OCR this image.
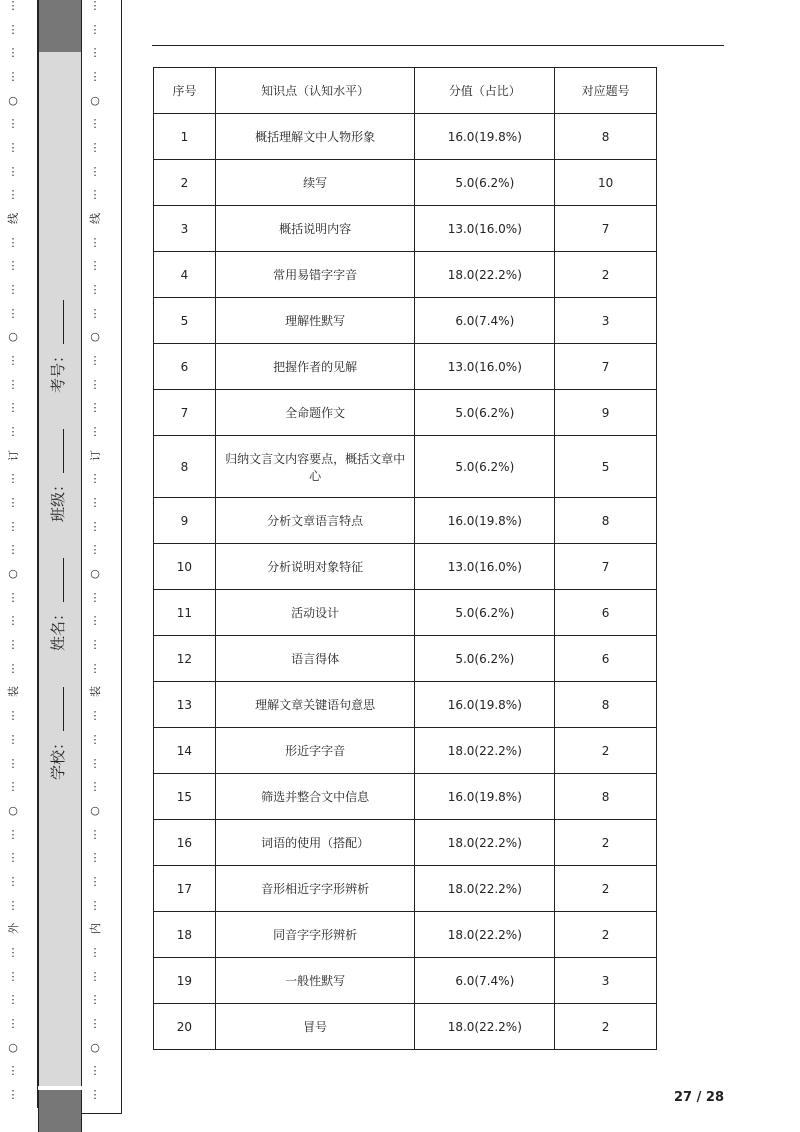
⋮
⋮
⋮
⋮
○
⋮
⋮
⋮
⋮
线
⋮
⋮
⋮
⋮
○
⋮
⋮
⋮
⋮
订
⋮
⋮
⋮
⋮
○
⋮
⋮
⋮
⋮
装
⋮
⋮
⋮
⋮
○
⋮
⋮
⋮
⋮
外
⋮
⋮
⋮
⋮
○
⋮
⋮
⋮
⋮
⋮
⋮
○
⋮
⋮
⋮
⋮
线
⋮
⋮
⋮
⋮
○
⋮
⋮
⋮
⋮
订
⋮
⋮
⋮
⋮
○
⋮
⋮
⋮
⋮
装
⋮
⋮
⋮
⋮
○
⋮
⋮
⋮
⋮
内
⋮
⋮
⋮
⋮
○
⋮
⋮
学校：
姓名：
班级：
考号：
序号	知识点（认知水平）	分值（占比）	对应题号
1	概括理解文中人物形象	16.0(19.8%)	8
2	续写	5.0(6.2%)	10
3	概括说明内容	13.0(16.0%)	7
4	常用易错字字音	18.0(22.2%)	2
5	理解性默写	6.0(7.4%)	3
6	把握作者的见解	13.0(16.0%)	7
7	全命题作文	5.0(6.2%)	9
8	归纳文言文内容要点，概括文章中心	5.0(6.2%)	5
9	分析文章语言特点	16.0(19.8%)	8
10	分析说明对象特征	13.0(16.0%)	7
11	活动设计	5.0(6.2%)	6
12	语言得体	5.0(6.2%)	6
13	理解文章关键语句意思	16.0(19.8%)	8
14	形近字字音	18.0(22.2%)	2
15	筛选并整合文中信息	16.0(19.8%)	8
16	词语的使用（搭配）	18.0(22.2%)	2
17	音形相近字字形辨析	18.0(22.2%)	2
18	同音字字形辨析	18.0(22.2%)	2
19	一般性默写	6.0(7.4%)	3
20	冒号	18.0(22.2%)	2
27 / 28
